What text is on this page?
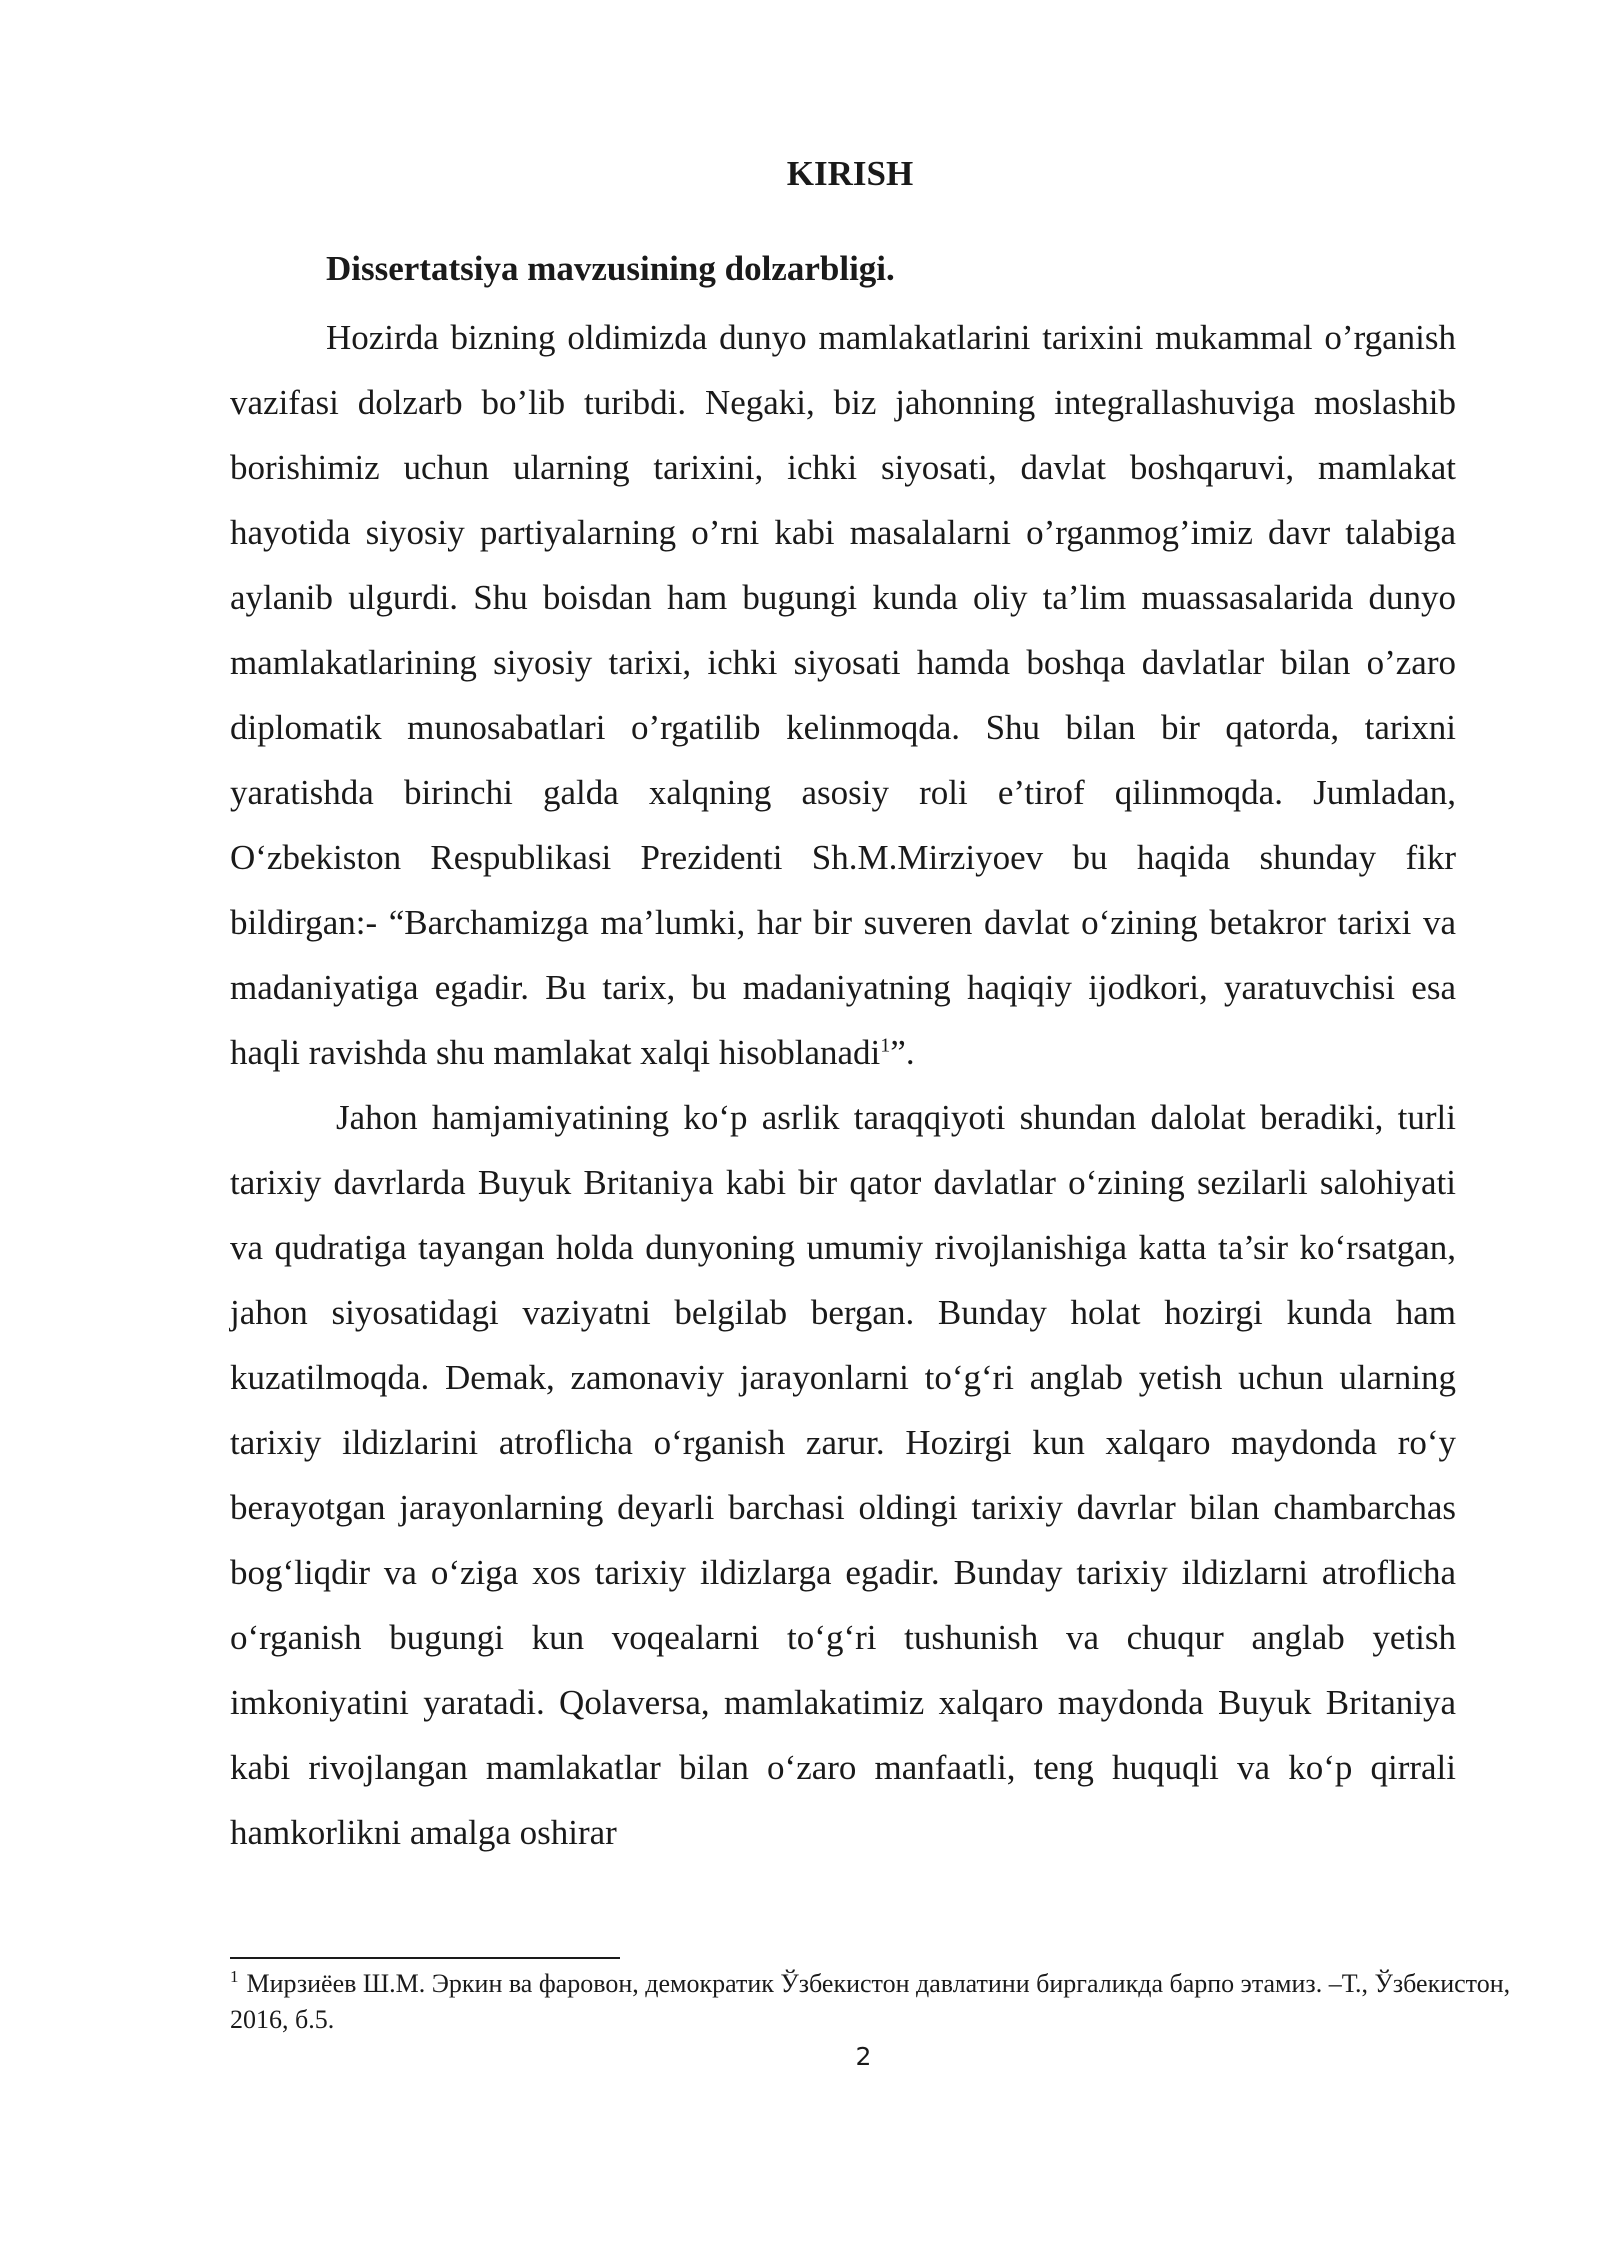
KIRISH
Dissertatsiya mavzusining dolzarbligi.

Hozirda bizning oldimizda dunyo mamlakatlarini tarixini mukammal o’rganish vazifasi dolzarb bo’lib turibdi. Negaki, biz jahonning integrallashuviga moslashib borishimiz uchun ularning tarixini, ichki siyosati, davlat boshqaruvi, mamlakat hayotida siyosiy partiyalarning o’rni kabi masalalarni o’rganmog’imiz davr talabiga aylanib ulgurdi. Shu boisdan ham bugungi kunda oliy ta’lim muassasalarida dunyo mamlakatlarining siyosiy tarixi, ichki siyosati hamda boshqa davlatlar bilan o’zaro diplomatik munosabatlari o’rgatilib kelinmoqda. Shu bilan bir qatorda, tarixni yaratishda birinchi galda xalqning asosiy roli e’tirof qilinmoqda. Jumladan, O‘zbekiston Respublikasi Prezidenti Sh.M.Mirziyoev bu haqida shunday fikr bildirgan:- “Barchamizga ma’lumki, har bir suveren davlat o‘zining betakror tarixi va madaniyatiga egadir. Bu tarix, bu madaniyatning haqiqiy ijodkori, yaratuvchisi esa haqli ravishda shu mamlakat xalqi hisoblanadi$^1$”.

Jahon hamjamiyatining ko‘p asrlik taraqqiyoti shundan dalolat beradiki, turli tarixiy davrlarda Buyuk Britaniya kabi bir qator davlatlar o‘zining sezilarli salohiyati va qudratiga tayangan holda dunyoning umumiy rivojlanishiga katta ta’sir ko‘rsatgan, jahon siyosatidagi vaziyatni belgilab bergan. Bunday holat hozirgi kunda ham kuzatilmoqda. Demak, zamonaviy jarayonlarni to‘g‘ri anglab yetish uchun ularning tarixiy ildizlarini atroflicha o‘rganish zarur. Hozirgi kun xalqaro maydonda ro‘y berayotgan jarayonlarning deyarli barchasi oldingi tarixiy davrlar bilan chambarchas bog‘liqdir va o‘ziga xos tarixiy ildizlarga egadir. Bunday tarixiy ildizlarni atroflicha o‘rganish bugungi kun voqealarni to‘g‘ri tushunish va chuqur anglab yetish imkoniyatini yaratadi. Qolaversa, mamlakatimiz xalqaro maydonda Buyuk Britaniya kabi rivojlangan mamlakatlar bilan o‘zaro manfaatli, teng huquqli va ko‘p qirrali hamkorlikni amalga oshirar

$^1$ Мирзиёев Ш.М. Эркин ва фаровон, демократик Ўзбекистон давлатини биргаликда барпо этамиз. –Т., Ўзбекистон, 2016, б.5.
2
